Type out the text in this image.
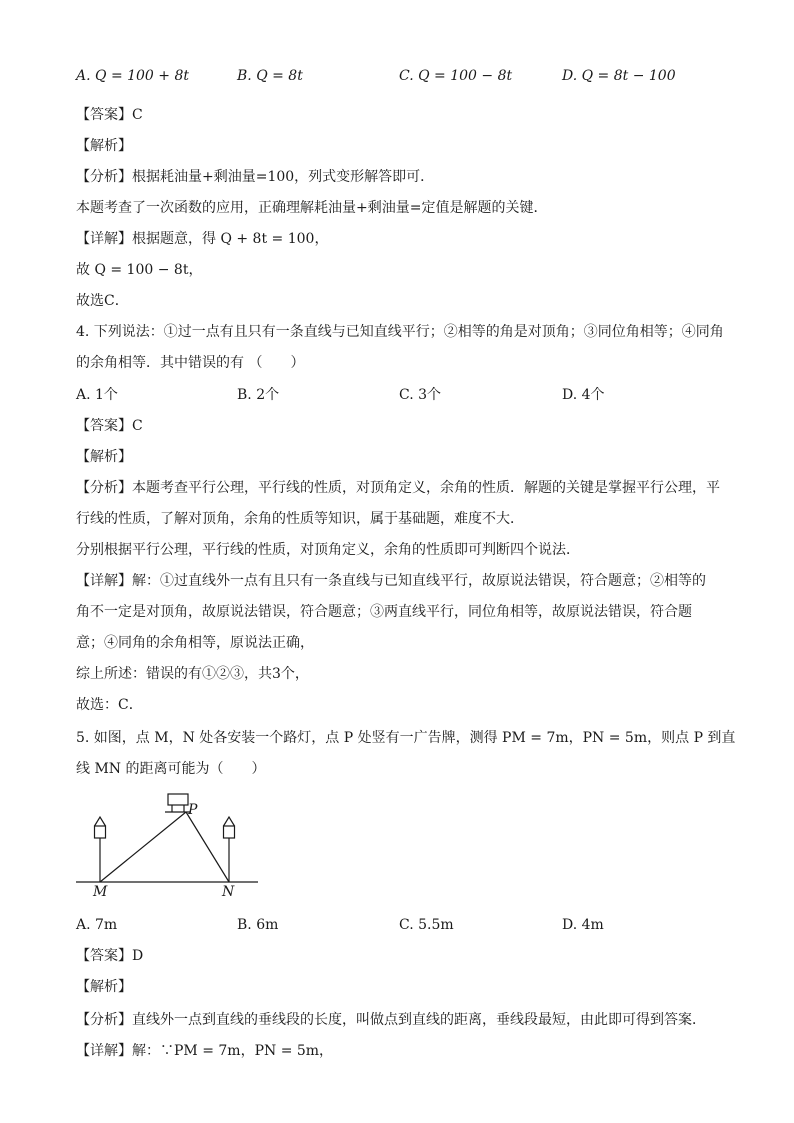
A. Q = 100 + 8t	B. Q = 8t	C. Q = 100 − 8t	D. Q = 8t − 100
【答案】C
【解析】
【分析】根据耗油量+剩油量=100，列式变形解答即可．
本题考查了一次函数的应用，正确理解耗油量+剩油量=定值是解题的关键．
【详解】根据题意，得 Q + 8t = 100，
故 Q = 100 − 8t，
故选C．
4. 下列说法：①过一点有且只有一条直线与已知直线平行；②相等的角是对顶角；③同位角相等；④同角
的余角相等．其中错误的有 （　　）
A. 1个	B. 2个	C. 3个	D. 4个
【答案】C
【解析】
【分析】本题考查平行公理，平行线的性质，对顶角定义，余角的性质．解题的关键是掌握平行公理，平
行线的性质，了解对顶角，余角的性质等知识，属于基础题，难度不大．
分别根据平行公理，平行线的性质，对顶角定义，余角的性质即可判断四个说法．
【详解】解：①过直线外一点有且只有一条直线与已知直线平行，故原说法错误，符合题意；②相等的
角不一定是对顶角，故原说法错误，符合题意；③两直线平行，同位角相等，故原说法错误，符合题
意；④同角的余角相等，原说法正确，
综上所述：错误的有①②③，共3个，
故选：C．
5. 如图，点 M，N 处各安装一个路灯，点 P 处竖有一广告牌，测得 PM = 7m，PN = 5m，则点 P 到直
线 MN 的距离可能为（　　）
P
M	N
A. 7m	B. 6m	C. 5.5m	D. 4m
【答案】D
【解析】
【分析】直线外一点到直线的垂线段的长度，叫做点到直线的距离，垂线段最短，由此即可得到答案．
【详解】解：∵PM = 7m，PN = 5m，
